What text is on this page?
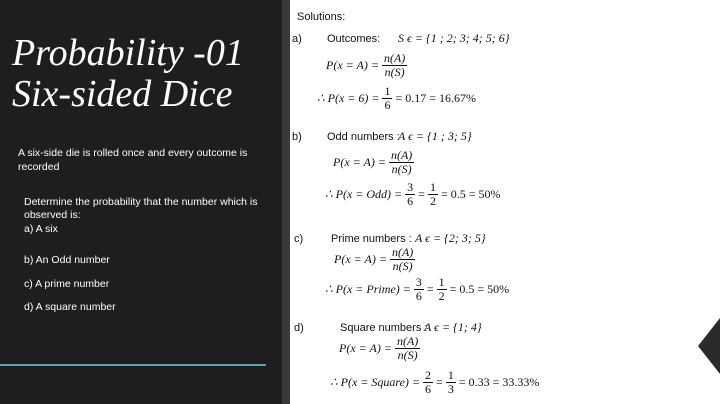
Probability -01
Six-sided Dice
A six-side die is rolled once and every outcome is recorded
Determine the probability that the number which is observed is:
a) A six
b) An Odd number
c) A prime number
d) A square number
Solutions:
a) Outcomes: S ϵ = {1 ; 2; 3; 4; 5; 6}
$P(x = A) = \frac{n(A)}{n(S)}$
∴ $P(x = 6) = \frac{1}{6} = 0.17 = 16.67\%$
b) Odd numbers :
A ϵ = {1 ; 3; 5}
$P(x = A) = \frac{n(A)}{n(S)}$
∴ $P(x = Odd) = \frac{3}{6} = \frac{1}{2} = 0.5 = 50\%$
c)	Prime numbers : A ϵ = {2; 3; 5}
$P(x = A) = \frac{n(A)}{n(S)}$
∴ P(x = Prime) = $\frac{3}{6} = \frac{1}{2} = 0.5 = 50\%$
d)	Square numbers :
A ϵ = {1; 4}
$P(x = A) = \frac{n(A)}{n(S)}$
∴ P(x = Square) = $\frac{2}{6} = \frac{1}{3} = 0.33 = 33.33\%$
